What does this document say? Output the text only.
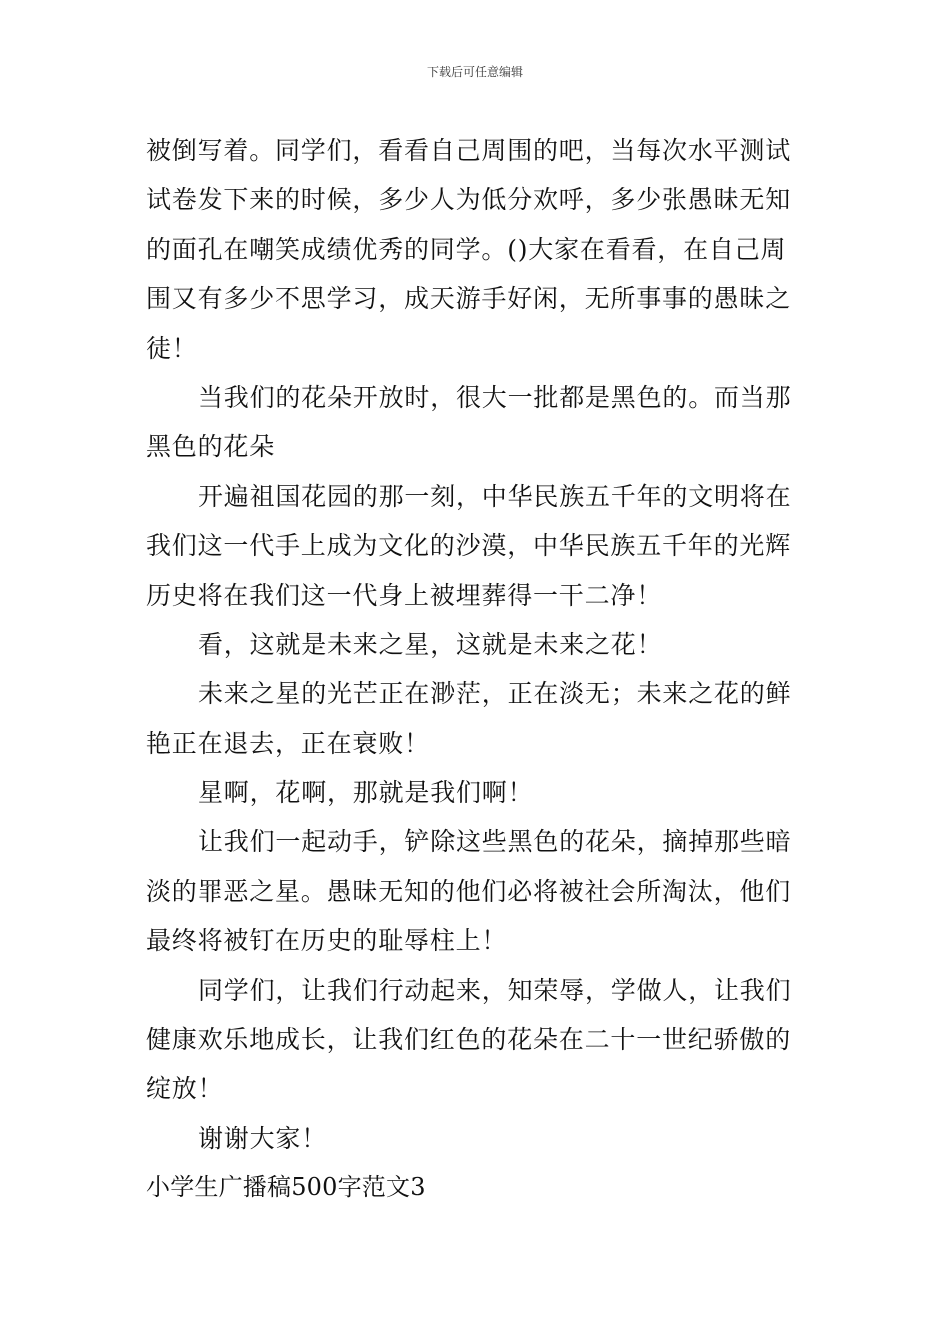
下载后可任意编辑
被倒写着。同学们，看看自己周围的吧，当每次水平测试
试卷发下来的时候，多少人为低分欢呼，多少张愚昧无知
的面孔在嘲笑成绩优秀的同学。()大家在看看，在自己周
围又有多少不思学习，成天游手好闲，无所事事的愚昧之
徒！
当我们的花朵开放时，很大一批都是黑色的。而当那
黑色的花朵
开遍祖国花园的那一刻，中华民族五千年的文明将在
我们这一代手上成为文化的沙漠，中华民族五千年的光辉
历史将在我们这一代身上被埋葬得一干二净！
看，这就是未来之星，这就是未来之花！
未来之星的光芒正在渺茫，正在淡无；未来之花的鲜
艳正在退去，正在衰败！
星啊，花啊，那就是我们啊！
让我们一起动手，铲除这些黑色的花朵，摘掉那些暗
淡的罪恶之星。愚昧无知的他们必将被社会所淘汰，他们
最终将被钉在历史的耻辱柱上！
同学们，让我们行动起来，知荣辱，学做人，让我们
健康欢乐地成长，让我们红色的花朵在二十一世纪骄傲的
绽放！
谢谢大家！
小学生广播稿500字范文3
